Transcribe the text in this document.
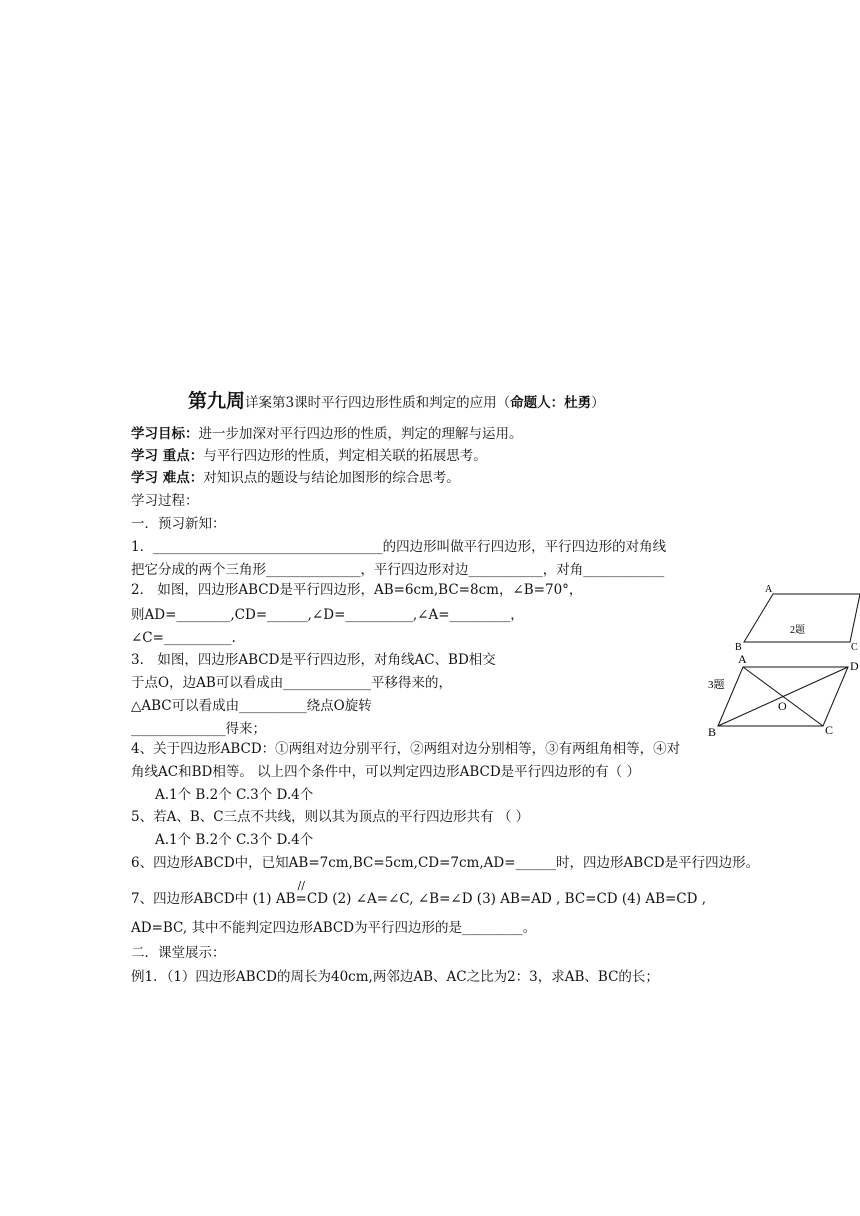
第九周详案第3课时平行四边形性质和判定的应用（命题人：杜勇）
学习目标：进一步加深对平行四边形的性质，判定的理解与运用。
学习 重点：与平行四边形的性质，判定相关联的拓展思考。
学习 难点：对知识点的题设与结论加图形的综合思考。
学习过程：
一．预习新知：
1．__________________________________的四边形叫做平行四边形，平行四边形的对角线
把它分成的两个三角形______________，平行四边形对边___________，对角____________
2． 如图，四边形ABCD是平行四边形，AB=6cm,BC=8cm，∠B=70°，
则AD=________,CD=______,∠D=__________,∠A=_________，
∠C=__________.
3． 如图，四边形ABCD是平行四边形，对角线AC、BD相交
于点O，边AB可以看成由_____________平移得来的，
△ABC可以看成由__________绕点O旋转
______________得来；
4、关于四边形ABCD：①两组对边分别平行，②两组对边分别相等，③有两组角相等，④对
角线AC和BD相等。 以上四个条件中，可以判定四边形ABCD是平行四边形的有（ ）
A.1个 B.2个 C.3个 D.4个
5、若A、B、C三点不共线，则以其为顶点的平行四边形共有 （ ）
A.1个 B.2个 C.3个 D.4个
6、四边形ABCD中，已知AB=7cm,BC=5cm,CD=7cm,AD=______时，四边形ABCD是平行四边形。
7、四边形ABCD中 (1) AB
//
=CD (2) ∠A=∠C, ∠B=∠D (3) AB=AD , BC=CD (4) AB=CD ,
AD=BC, 其中不能判定四边形ABCD为平行四边形的是_________。
二．课堂展示：
例1．（1）四边形ABCD的周长为40cm,两邻边AB、AC之比为2：3，求AB、BC的长；
A
B	C
2题
A	D
B	C
O
3题
